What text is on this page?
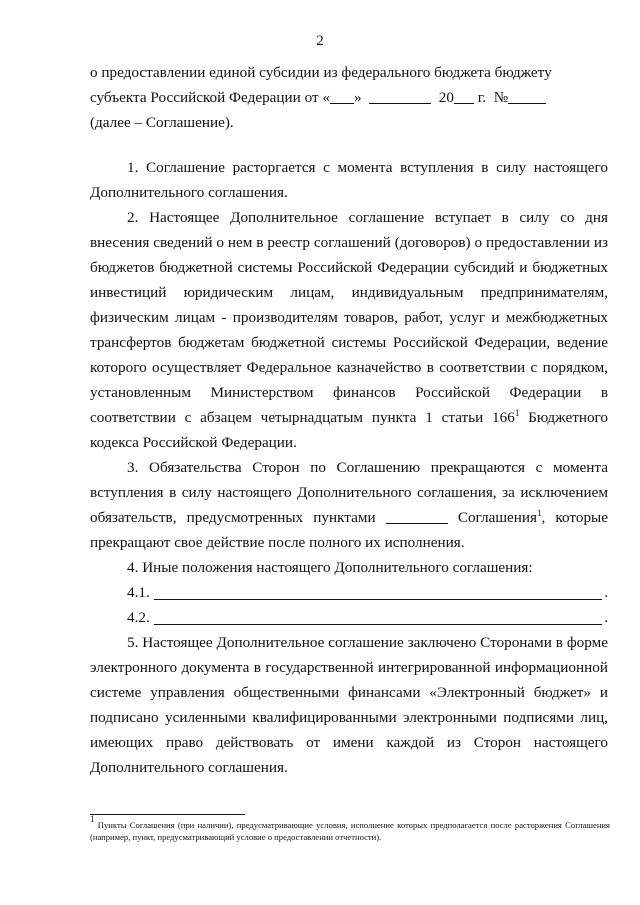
2

о предоставлении единой субсидии из федерального бюджета бюджету

субъекта Российской Федерации от « »	20 г. №

(далее – Соглашение).

1. Соглашение расторгается с момента вступления в силу настоящего Дополнительного соглашения.

2. Настоящее Дополнительное соглашение вступает в силу со дня внесения сведений о нем в реестр соглашений (договоров) о предоставлении из бюджетов бюджетной системы Российской Федерации субсидий и бюджетных инвестиций юридическим лицам, индивидуальным предпринимателям, физическим лицам - производителям товаров, работ, услуг и межбюджетных трансфертов бюджетам бюджетной системы Российской Федерации, ведение которого осуществляет Федеральное казначейство в соответствии с порядком, установленным Министерством финансов Российской Федерации в соответствии с абзацем четырнадцатым пункта 1 статьи $166^1$ Бюджетного кодекса Российской Федерации.

3. Обязательства Сторон по Соглашению прекращаются с момента вступления в силу настоящего Дополнительного соглашения, за исключением обязательств, предусмотренных пунктами	Соглашения$^1$, которые прекращают свое действие после полного их исполнения.

4. Иные положения настоящего Дополнительного соглашения:

4.1.	.
4.2.	.

5. Настоящее Дополнительное соглашение заключено Сторонами в форме электронного документа в государственной интегрированной информационной системе управления общественными финансами «Электронный бюджет» и подписано усиленными квалифицированными электронными подписями лиц, имеющих право действовать от имени каждой из Сторон настоящего Дополнительного соглашения.

$^1$ Пункты Соглашения (при наличии), предусматривающие условия, исполнение которых предполагается после расторжения Соглашения (например, пункт, предусматривающий условие о предоставлении отчетности).
